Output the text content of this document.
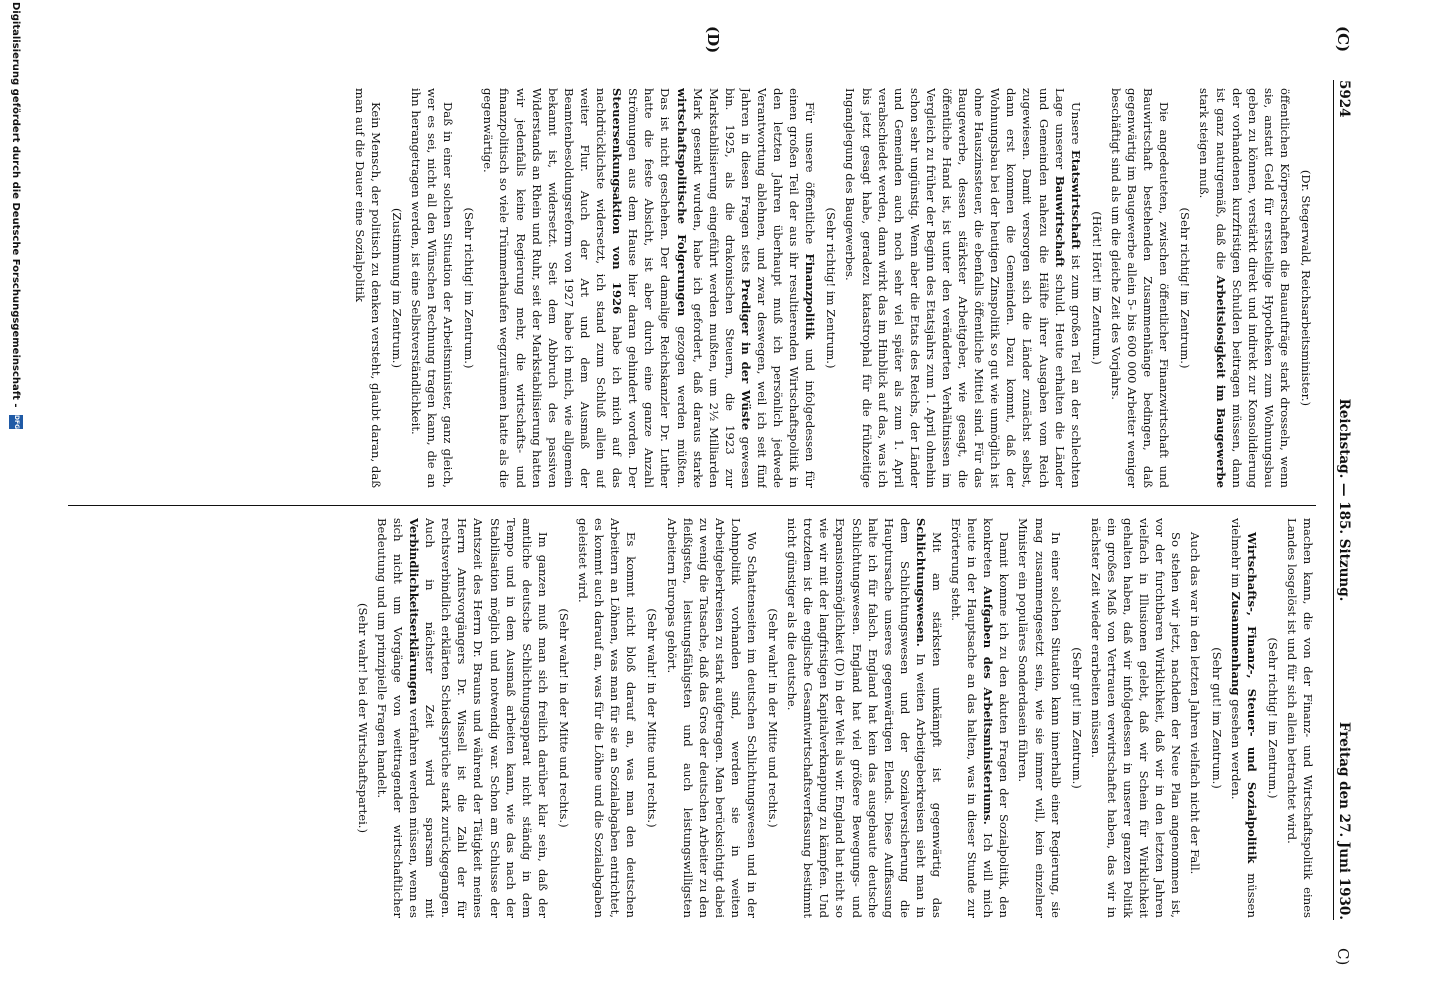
(C)
(D)
C)
5924
Reichstag. — 185. Sitzung.
Freitag den 27. Juni 1930.

(Dr. Stegerwald, Reichsarbeitsminister.)

öffentlichen Körperschaften die Bauaufträge stark drosseln, wenn sie, anstatt Geld für erststellige Hypotheken zum Wohnungsbau geben zu können, verstärkt direkt und indirekt zur Konsolidierung der vorhandenen kurzfristigen Schulden beitragen müssen, dann ist ganz naturgemäß, daß die Arbeitslosigkeit im Baugewerbe stark steigen muß.

(Sehr richtig! im Zentrum.)

Die angedeuteten, zwischen öffentlicher Finanzwirtschaft und Bauwirtschaft bestehenden Zusammenhänge bedingen, daß gegenwärtig im Baugewerbe allein 5- bis 600 000 Arbeiter weniger beschäftigt sind als um die gleiche Zeit des Vorjahrs.

(Hört! Hört! im Zentrum.)

Unsere Etatswirtschaft ist zum großen Teil an der schlechten Lage unserer Bauwirtschaft schuld. Heute erhalten die Länder und Gemeinden nahezu die Hälfte ihrer Ausgaben vom Reich zugewiesen. Damit versorgen sich die Länder zunächst selbst, dann erst kommen die Gemeinden. Dazu kommt, daß der Wohnungsbau bei der heutigen Zinspolitik so gut wie unmöglich ist ohne Hauszinssteuer, die ebenfalls öffentliche Mittel sind. Für das Baugewerbe, dessen stärkster Arbeitgeber, wie gesagt, die öffentliche Hand ist, ist unter den veränderten Verhältnissen im Vergleich zu früher der Beginn des Etatsjahrs zum 1. April ohnehin schon sehr ungünstig. Wenn aber die Etats des Reichs, der Länder und Gemeinden auch noch sehr viel später als zum 1. April verabschiedet werden, dann wirkt das im Hinblick auf das, was ich bis jetzt gesagt habe, geradezu katastrophal für die frühzeitige Inganglegung des Baugewerbes.

(Sehr richtig! im Zentrum.)

Für unsere öffentliche Finanzpolitik und infolgedessen für einen großen Teil der aus ihr resultierenden Wirtschaftspolitik in den letzten Jahren überhaupt muß ich persönlich jedwede Verantwortung ablehnen, und zwar deswegen, weil ich seit fünf Jahren in diesen Fragen stets Prediger in der Wüste gewesen bin. 1925, als die drakonischen Steuern, die 1923 zur Markstabilisierung eingeführt werden mußten, um 2½ Milliarden Mark gesenkt wurden, habe ich gefordert, daß daraus starke wirtschaftspolitische Folgerungen gezogen werden müßten. Das ist nicht geschehen. Der damalige Reichskanzler Dr. Luther hatte die feste Absicht, ist aber durch eine ganze Anzahl Strömungen aus dem Hause hier daran gehindert worden. Der Steuersenkungsaktion von 1926 habe ich mich auf das nachdrücklichste widersetzt, ich stand zum Schluß allein auf weiter Flur. Auch der Art und dem Ausmaß der Beamtenbesoldungsreform von 1927 habe ich mich, wie allgemein bekannt ist, widersetzt. Seit dem Abbruch des passiven Widerstands an Rhein und Ruhr, seit der Markstabilisierung hatten wir jedenfalls keine Regierung mehr, die wirtschafts- und finanzpolitisch so viele Trümmerhaufen wegzuräumen hatte als die gegenwärtige.

(Sehr richtig! im Zentrum.)

Daß in einer solchen Situation der Arbeitsminister, ganz gleich, wer es sei, nicht all den Wünschen Rechnung tragen kann, die an ihn herangetragen werden, ist eine Selbstverständlichkeit.

(Zustimmung im Zentrum.)

Kein Mensch, der politisch zu denken versteht, glaubt daran, daß man auf die Dauer eine Sozialpolitik

machen kann, die von der Finanz- und Wirtschaftspolitik eines Landes losgelöst ist und für sich allein betrachtet wird.

(Sehr richtig! im Zentrum.)

Wirtschafts-, Finanz-, Steuer- und Sozialpolitik müssen vielmehr im Zusammenhang gesehen werden.

(Sehr gut! im Zentrum.)

Auch das war in den letzten Jahren vielfach nicht der Fall.

So stehen wir jetzt, nachdem der Neue Plan angenommen ist, vor der furchtbaren Wirklichkeit, daß wir in den letzten Jahren vielfach in Illusionen gelebt, daß wir Schein für Wirklichkeit gehalten haben, daß wir infolgedessen in unserer ganzen Politik ein großes Maß von Vertrauen verwirtschaftet haben, das wir in nächster Zeit wieder erarbeiten müssen.

(Sehr gut! im Zentrum.)

In einer solchen Situation kann innerhalb einer Regierung, sie mag zusammengesetzt sein, wie sie immer will, kein einzelner Minister ein populäres Sonderdasein führen.

Damit komme ich zu den akuten Fragen der Sozialpolitik, den konkreten Aufgaben des Arbeitsministeriums. Ich will mich heute in der Hauptsache an das halten, was in dieser Stunde zur Erörterung steht.

Mit am stärksten umkämpft ist gegenwärtig das Schlichtungswesen. In weiten Arbeitgeberkreisen sieht man in dem Schlichtungswesen und der Sozialversicherung die Hauptursache unseres gegenwärtigen Elends. Diese Auffassung halte ich für falsch. England hat kein das ausgebaute deutsche Schlichtungswesen. England hat viel größere Bewegungs- und Expansionsmöglichkeit (D) in der Welt als wir. England hat nicht so wie wir mit der langfristigen Kapitalverknappung zu kämpfen. Und trotzdem ist die englische Gesamtwirtschaftsverfassung bestimmt nicht günstiger als die deutsche.

(Sehr wahr! in der Mitte und rechts.)

Wo Schattenseiten im deutschen Schlichtungswesen und in der Lohnpolitik vorhanden sind, werden sie in weiten Arbeitgeberkreisen zu stark aufgetragen. Man berücksichtigt dabei zu wenig die Tatsache, daß das Gros der deutschen Arbeiter zu den fleißigsten, leistungsfähigsten und auch leistungswilligsten Arbeitern Europas gehört.

(Sehr wahr! in der Mitte und rechts.)

Es kommt nicht bloß darauf an, was man den deutschen Arbeitern an Löhnen, was man für sie an Sozialabgaben entrichtet, es kommt auch darauf an, was für die Löhne und die Sozialabgaben geleistet wird.

(Sehr wahr! in der Mitte und rechts.)

Im ganzen muß man sich freilich darüber klar sein, daß der amtliche deutsche Schlichtungsapparat nicht ständig in dem Tempo und in dem Ausmaß arbeiten kann, wie das nach der Stabilisation möglich und notwendig war. Schon am Schlusse der Amtszeit des Herrn Dr. Brauns und während der Tätigkeit meines Herrn Amtsvorgängers Dr. Wissell ist die Zahl der für rechtsverbindlich erklärten Schiedssprüche stark zurückgegangen. Auch in nächster Zeit wird sparsam mit Verbindlichkeitserklärungen verfahren werden müssen, wenn es sich nicht um Vorgänge von weittragender wirtschaftlicher Bedeutung und um prinzipielle Fragen handelt.

(Sehr wahr! bei der Wirtschaftspartei.)

Digitalisierung gefördert durch die Deutsche Forschungsgemeinschaft - DFG
